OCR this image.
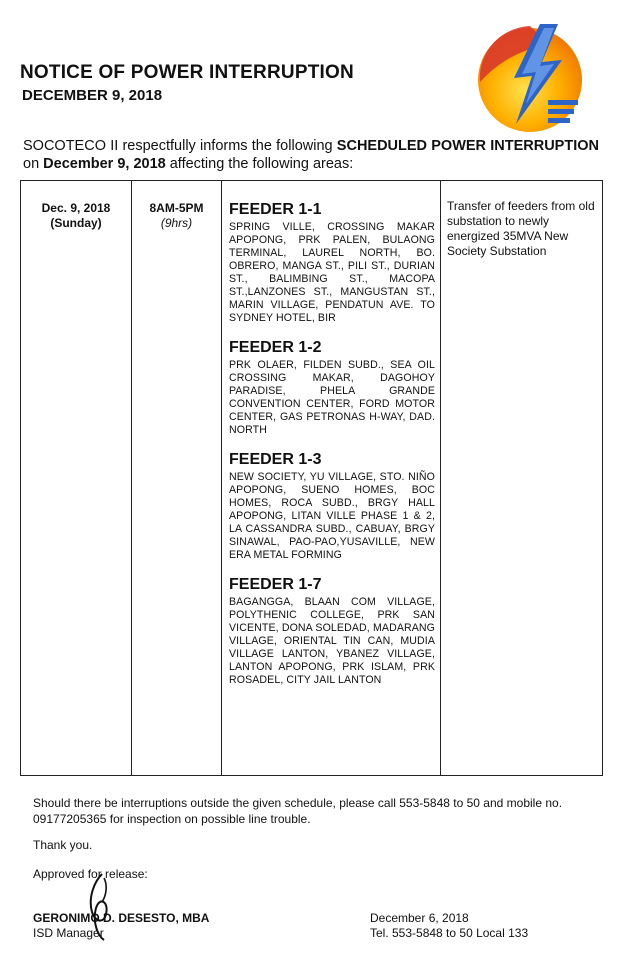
NOTICE OF POWER INTERRUPTION
DECEMBER 9, 2018
SOCOTECO II respectfully informs the following SCHEDULED POWER INTERRUPTION on December 9, 2018 affecting the following areas:
Dec. 9, 2018
(Sunday)

8AM-5PM
(9hrs)

FEEDER 1-1
SPRING VILLE, CROSSING MAKAR APOPONG, PRK PALEN, BULAONG TERMINAL, LAUREL NORTH, BO. OBRERO, MANGA ST., PILI ST., DURIAN ST., BALIMBING ST., MACOPA ST.,LANZONES ST., MANGUSTAN ST., MARIN VILLAGE, PENDATUN AVE. TO SYDNEY HOTEL, BIR
FEEDER 1-2
PRK OLAER, FILDEN SUBD., SEA OIL CROSSING MAKAR, DAGOHOY PARADISE, PHELA GRANDE CONVENTION CENTER, FORD MOTOR CENTER, GAS PETRONAS H-WAY, DAD. NORTH
FEEDER 1-3
NEW SOCIETY, YU VILLAGE, STO. NIÑO APOPONG, SUENO HOMES, BOC HOMES, ROCA SUBD., BRGY HALL APOPONG, LITAN VILLE PHASE 1 & 2, LA CASSANDRA SUBD., CABUAY, BRGY SINAWAL, PAO-PAO,YUSAVILLE, NEW ERA METAL FORMING
FEEDER 1-7
BAGANGGA, BLAAN COM VILLAGE, POLYTHENIC COLLEGE, PRK SAN VICENTE, DONA SOLEDAD, MADARANG VILLAGE, ORIENTAL TIN CAN, MUDIA VILLAGE LANTON, YBANEZ VILLAGE, LANTON APOPONG, PRK ISLAM, PRK ROSADEL, CITY JAIL LANTON

Transfer of feeders from old substation to newly energized 35MVA New Society Substation
Should there be interruptions outside the given schedule, please call 553-5848 to 50 and mobile no. 09177205365 for inspection on possible line trouble.
Thank you.
Approved for release:
GERONIMO D. DESESTO, MBA
ISD Manager
December 6, 2018
Tel. 553-5848 to 50 Local 133
